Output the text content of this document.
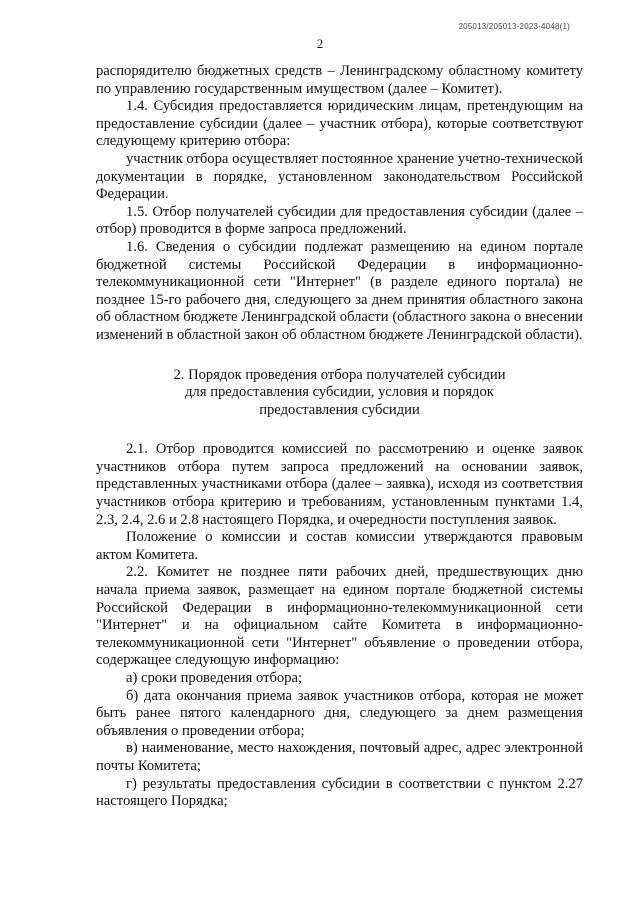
205013/205013-2023-4048(1)
2

распорядителю бюджетных средств – Ленинградскому областному комитету по управлению государственным имуществом (далее – Комитет).

1.4. Субсидия предоставляется юридическим лицам, претендующим на предоставление субсидии (далее – участник отбора), которые соответствуют следующему критерию отбора:

участник отбора осуществляет постоянное хранение учетно-технической документации в порядке, установленном законодательством Российской Федерации.

1.5. Отбор получателей субсидии для предоставления субсидии (далее – отбор) проводится в форме запроса предложений.

1.6. Сведения о субсидии подлежат размещению на едином портале бюджетной системы Российской Федерации в информационно-телекоммуникационной сети "Интернет" (в разделе единого портала) не позднее 15-го рабочего дня, следующего за днем принятия областного закона об областном бюджете Ленинградской области (областного закона о внесении изменений в областной закон об областном бюджете Ленинградской области).

2. Порядок проведения отбора получателей субсидии

для предоставления субсидии, условия и порядок

предоставления субсидии

2.1. Отбор проводится комиссией по рассмотрению и оценке заявок участников отбора путем запроса предложений на основании заявок, представленных участниками отбора (далее – заявка), исходя из соответствия участников отбора критерию и требованиям, установленным пунктами 1.4, 2.3, 2.4, 2.6 и 2.8 настоящего Порядка, и очередности поступления заявок.

Положение о комиссии и состав комиссии утверждаются правовым актом Комитета.

2.2. Комитет не позднее пяти рабочих дней, предшествующих дню начала приема заявок, размещает на едином портале бюджетной системы Российской Федерации в информационно-телекоммуникационной сети "Интернет" и на официальном сайте Комитета в информационно-телекоммуникационной сети "Интернет" объявление о проведении отбора, содержащее следующую информацию:

а) сроки проведения отбора;

б) дата окончания приема заявок участников отбора, которая не может быть ранее пятого календарного дня, следующего за днем размещения объявления о проведении отбора;

в) наименование, место нахождения, почтовый адрес, адрес электронной почты Комитета;

г) результаты предоставления субсидии в соответствии с пунктом 2.27 настоящего Порядка;
